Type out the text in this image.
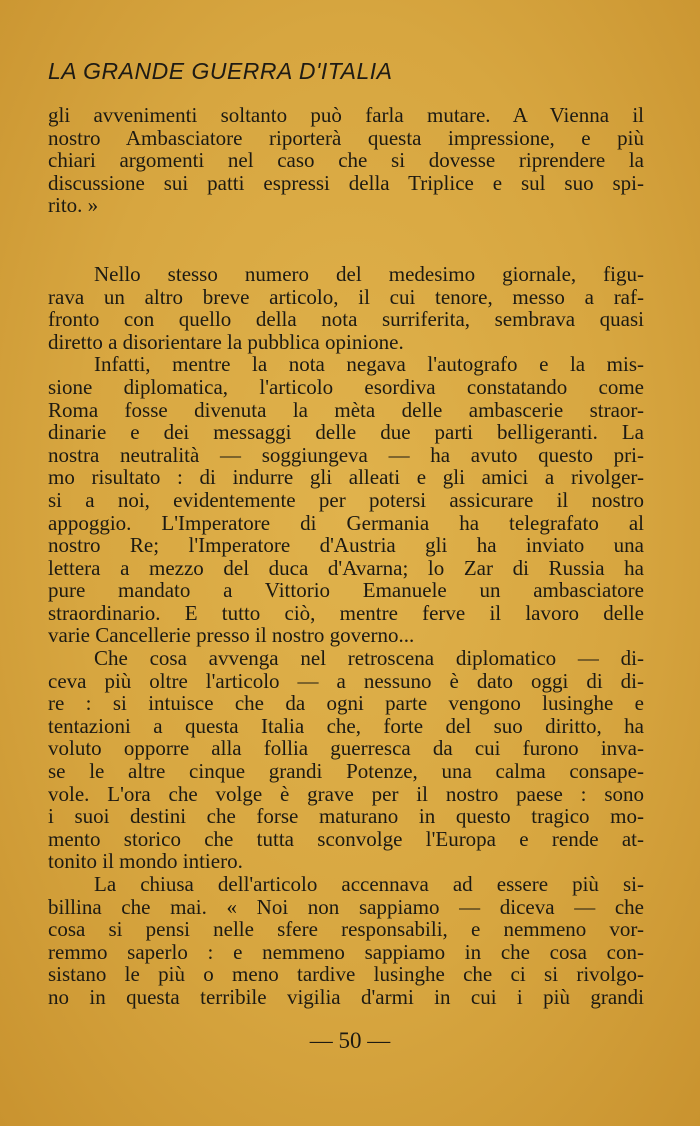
LA GRANDE GUERRA D'ITALIA
gli avvenimenti soltanto può farla mutare. A Vienna il
nostro Ambasciatore riporterà questa impressione, e più
chiari argomenti nel caso che si dovesse riprendere la
discussione sui patti espressi della Triplice e sul suo spi-
rito. »
Nello stesso numero del medesimo giornale, figu-
rava un altro breve articolo, il cui tenore, messo a raf-
fronto con quello della nota surriferita, sembrava quasi
diretto a disorientare la pubblica opinione.
Infatti, mentre la nota negava l'autografo e la mis-
sione diplomatica, l'articolo esordiva constatando come
Roma fosse divenuta la mèta delle ambascerie straor-
dinarie e dei messaggi delle due parti belligeranti. La
nostra neutralità — soggiungeva — ha avuto questo pri-
mo risultato : di indurre gli alleati e gli amici a rivolger-
si a noi, evidentemente per potersi assicurare il nostro
appoggio. L'Imperatore di Germania ha telegrafato al
nostro Re; l'Imperatore d'Austria gli ha inviato una
lettera a mezzo del duca d'Avarna; lo Zar di Russia ha
pure mandato a Vittorio Emanuele un ambasciatore
straordinario. E tutto ciò, mentre ferve il lavoro delle
varie Cancellerie presso il nostro governo...
Che cosa avvenga nel retroscena diplomatico — di-
ceva più oltre l'articolo — a nessuno è dato oggi di di-
re : si intuisce che da ogni parte vengono lusinghe e
tentazioni a questa Italia che, forte del suo diritto, ha
voluto opporre alla follia guerresca da cui furono inva-
se le altre cinque grandi Potenze, una calma consape-
vole. L'ora che volge è grave per il nostro paese : sono
i suoi destini che forse maturano in questo tragico mo-
mento storico che tutta sconvolge l'Europa e rende at-
tonito il mondo intiero.
La chiusa dell'articolo accennava ad essere più si-
billina che mai. « Noi non sappiamo — diceva — che
cosa si pensi nelle sfere responsabili, e nemmeno vor-
remmo saperlo : e nemmeno sappiamo in che cosa con-
sistano le più o meno tardive lusinghe che ci si rivolgo-
no in questa terribile vigilia d'armi in cui i più grandi
— 50 —
